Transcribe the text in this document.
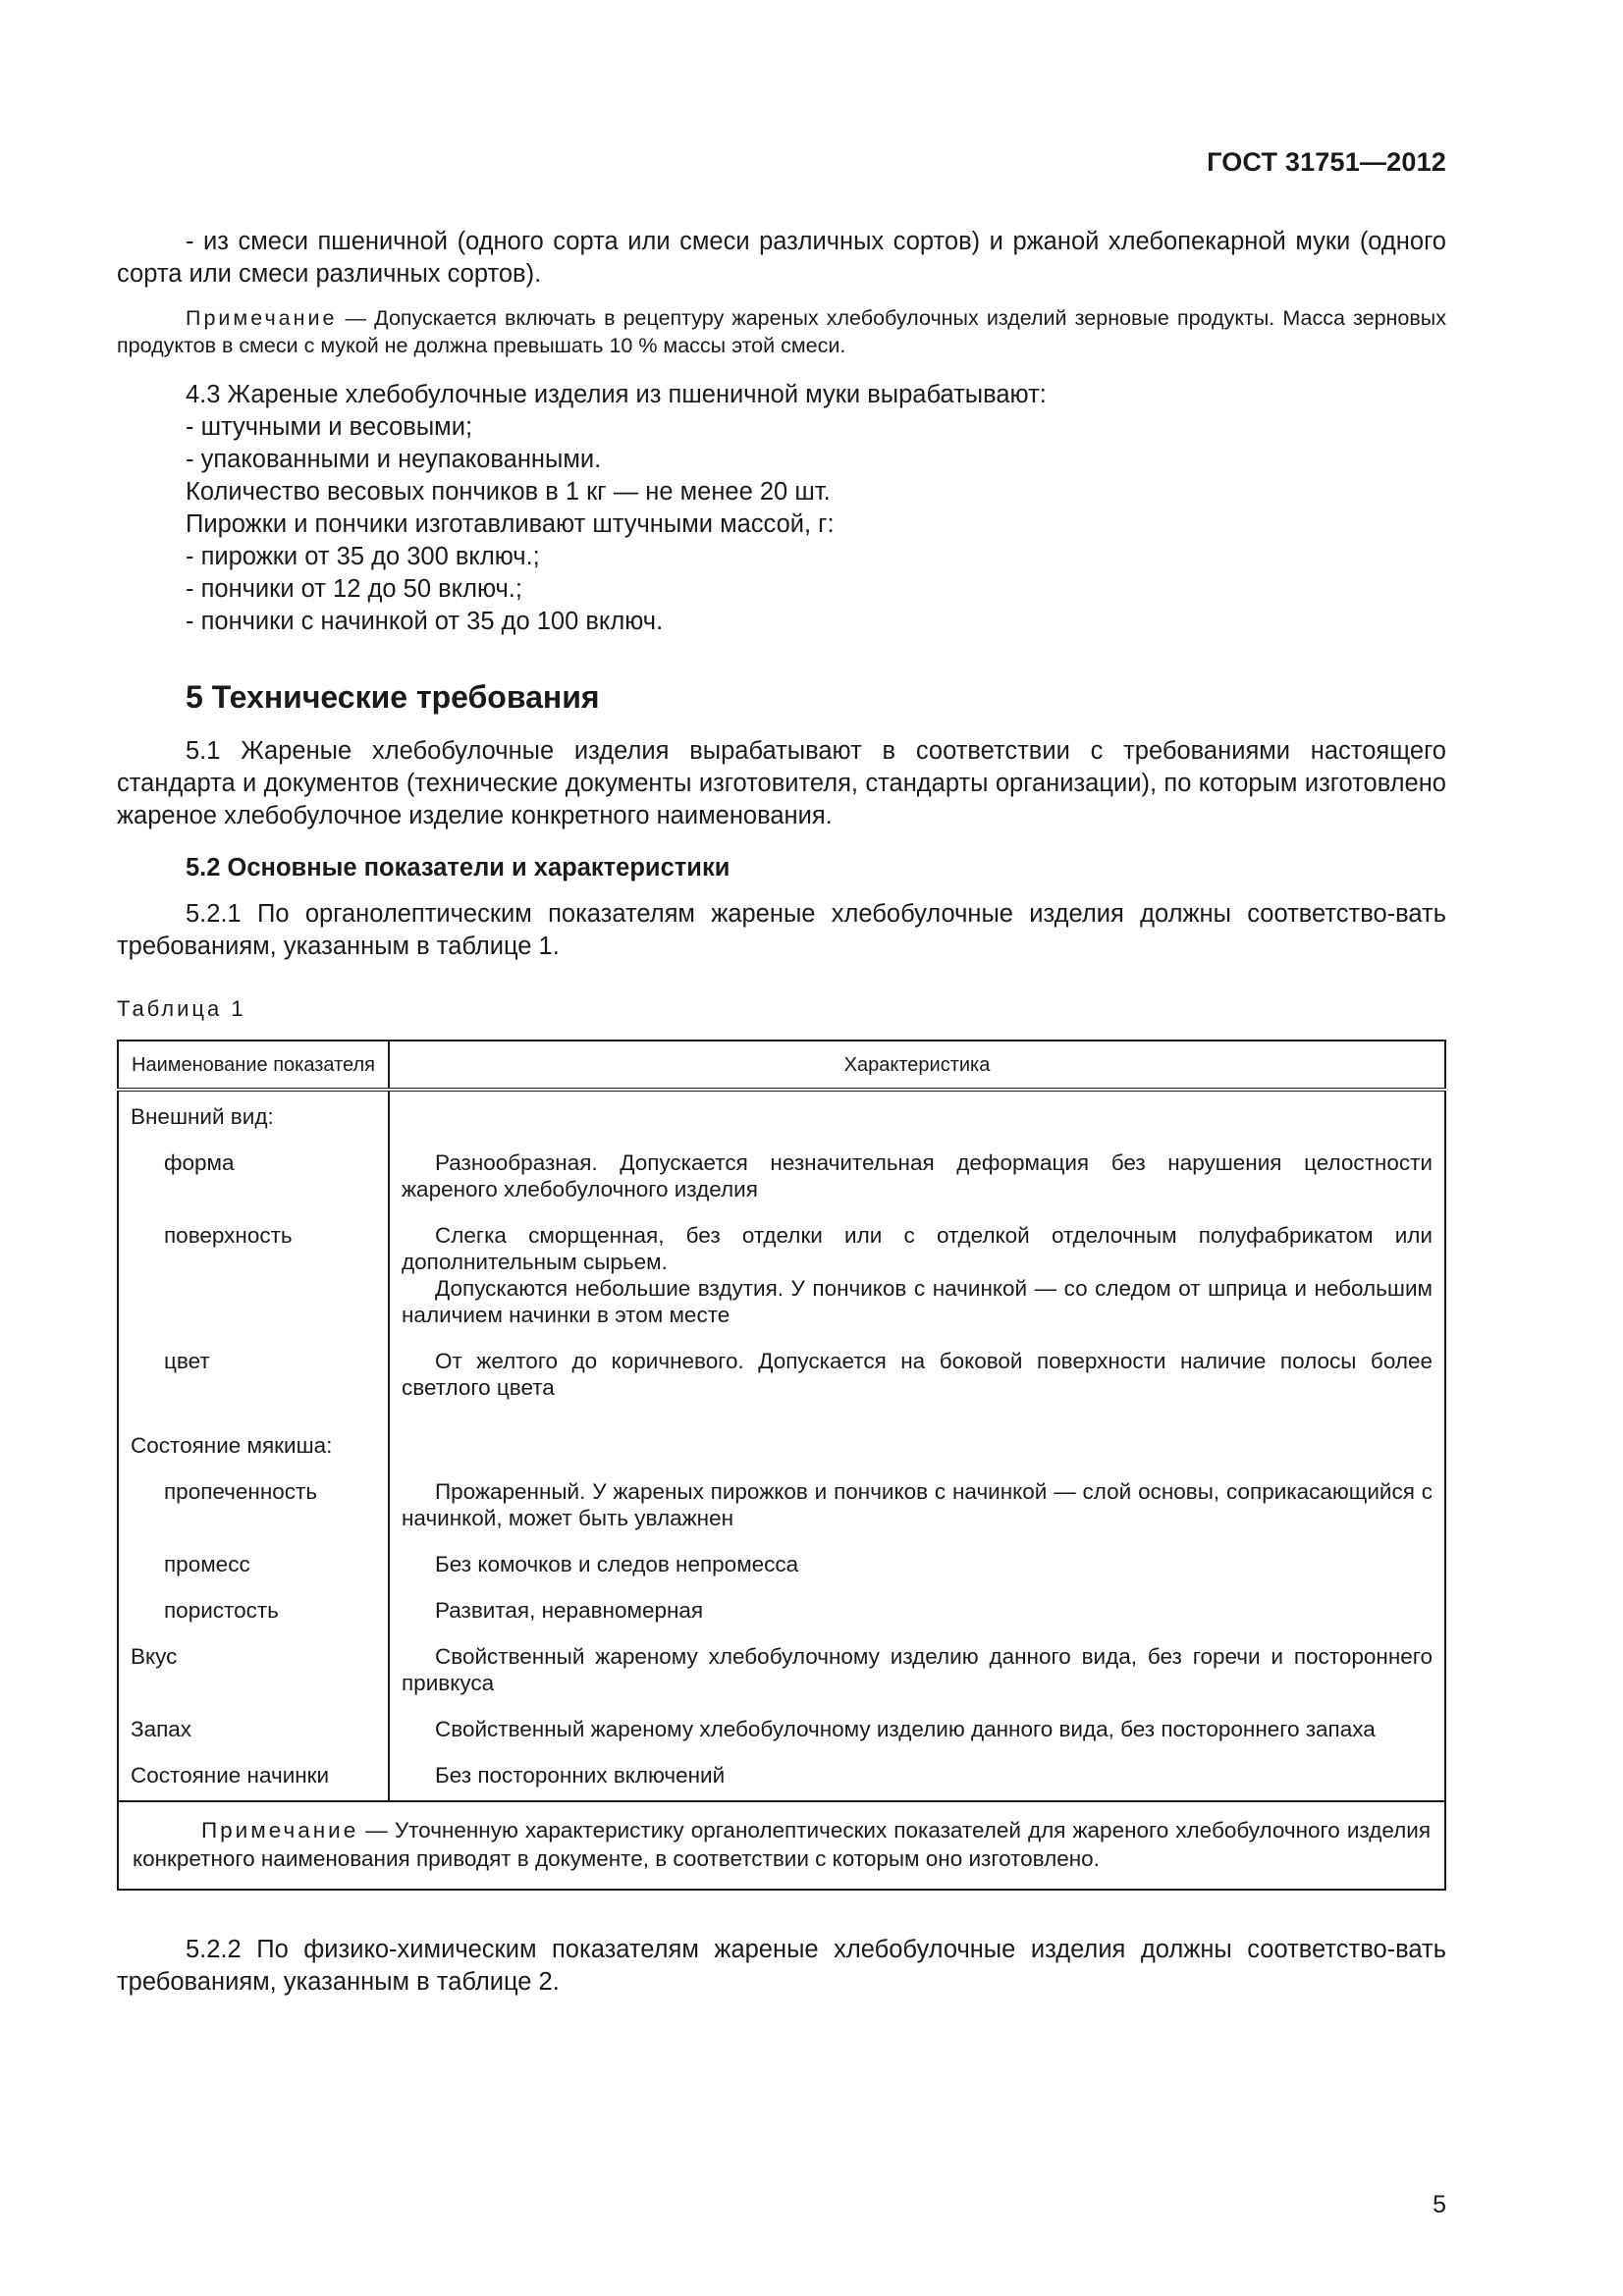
ГОСТ 31751—2012

- из смеси пшеничной (одного сорта или смеси различных сортов) и ржаной хлебопекарной муки (одного сорта или смеси различных сортов).

Примечание — Допускается включать в рецептуру жареных хлебобулочных изделий зерновые продукты. Масса зерновых продуктов в смеси с мукой не должна превышать 10 % массы этой смеси.

4.3 Жареные хлебобулочные изделия из пшеничной муки вырабатывают:

- штучными и весовыми;

- упакованными и неупакованными.

Количество весовых пончиков в 1 кг — не менее 20 шт.

Пирожки и пончики изготавливают штучными массой, г:

- пирожки от 35 до 300 включ.;

- пончики от 12 до 50 включ.;

- пончики с начинкой от 35 до 100 включ.

5 Технические требования

5.1 Жареные хлебобулочные изделия вырабатывают в соответствии с требованиями настоящего стандарта и документов (технические документы изготовителя, стандарты организации), по которым изготовлено жареное хлебобулочное изделие конкретного наименования.

5.2 Основные показатели и характеристики

5.2.1 По органолептическим показателям жареные хлебобулочные изделия должны соответство-вать требованиям, указанным в таблице 1.

Таблица 1

Наименование показателя	Характеристика
Внешний вид:	
форма	Разнообразная. Допускается незначительная деформация без нарушения целостности жареного хлебобулочного изделия

поверхность	Слегка сморщенная, без отделки или с отделкой отделочным полуфабрикатом или дополнительным сырьем.

Допускаются небольшие вздутия. У пончиков с начинкой — со следом от шприца и небольшим наличием начинки в этом месте

цвет	От желтого до коричневого. Допускается на боковой поверхности наличие полосы более светлого цвета

Состояние мякиша:	
пропеченность	Прожаренный. У жареных пирожков и пончиков с начинкой — слой основы, соприкасающийся с начинкой, может быть увлажнен

промесс	Без комочков и следов непромесса

пористость	Развитая, неравномерная

Вкус	Свойственный жареному хлебобулочному изделию данного вида, без горечи и постороннего привкуса

Запах	Свойственный жареному хлебобулочному изделию данного вида, без постороннего запаха

Состояние начинки	Без посторонних включений

Примечание — Уточненную характеристику органолептических показателей для жареного хлебобулочного изделия конкретного наименования приводят в документе, в соответствии с которым оно изготовлено.	

5.2.2 По физико-химическим показателям жареные хлебобулочные изделия должны соответство-вать требованиям, указанным в таблице 2.

5
